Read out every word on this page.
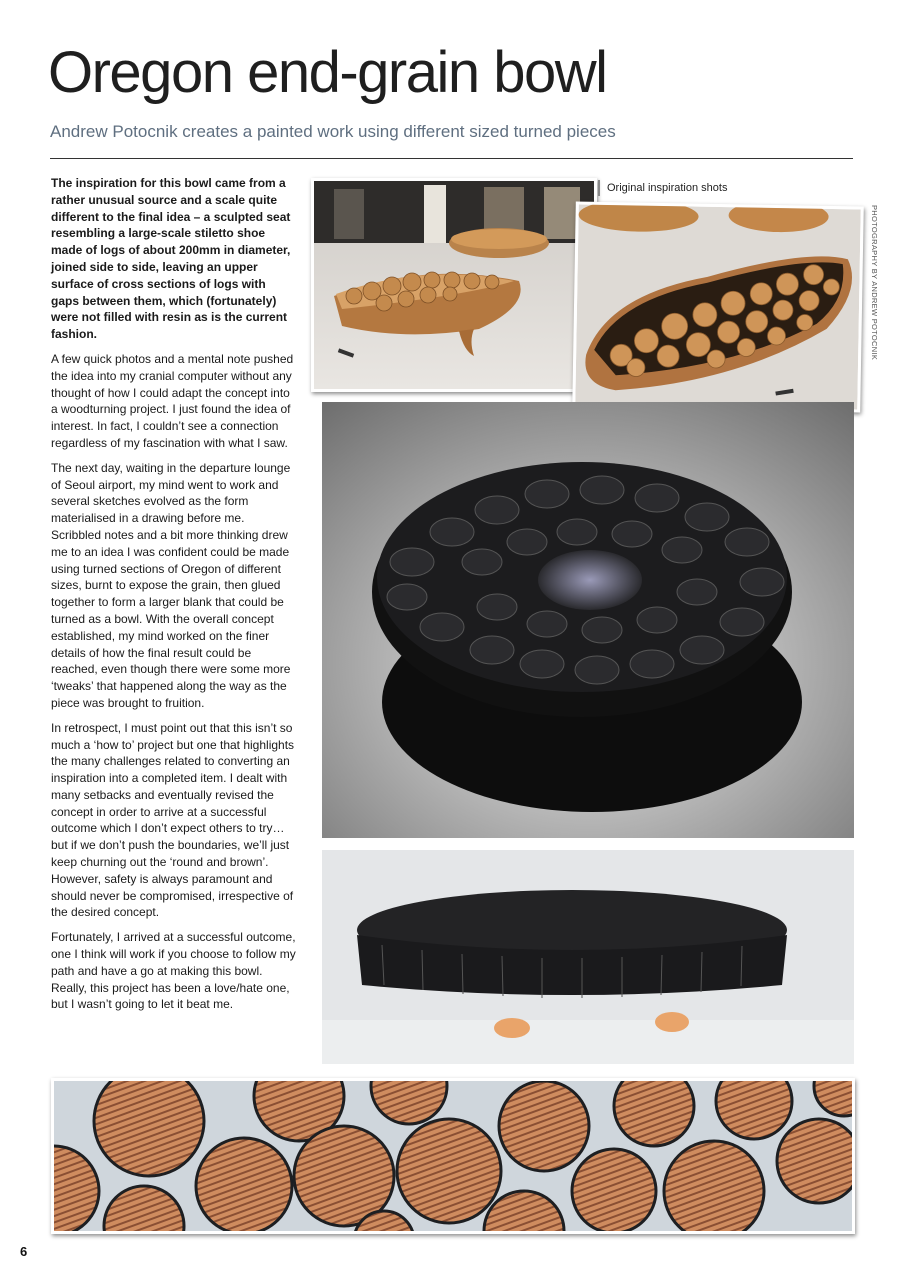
Oregon end-grain bowl
Andrew Potocnik creates a painted work using different sized turned pieces

The inspiration for this bowl came from a rather unusual source and a scale quite different to the final idea – a sculpted seat resembling a large-scale stiletto shoe made of logs of about 200mm in diameter, joined side to side, leaving an upper surface of cross sections of logs with gaps between them, which (fortunately) were not filled with resin as is the current fashion.

A few quick photos and a mental note pushed the idea into my cranial computer without any thought of how I could adapt the concept into a woodturning project. I just found the idea of interest. In fact, I couldn’t see a connection regardless of my fascination with what I saw.

The next day, waiting in the departure lounge of Seoul airport, my mind went to work and several sketches evolved as the form materialised in a drawing before me. Scribbled notes and a bit more thinking drew me to an idea I was confident could be made using turned sections of Oregon of different sizes, burnt to expose the grain, then glued together to form a larger blank that could be turned as a bowl. With the overall concept established, my mind worked on the finer details of how the final result could be reached, even though there were some more ‘tweaks’ that happened along the way as the piece was brought to fruition.

In retrospect, I must point out that this isn’t so much a ‘how to’ project but one that highlights the many challenges related to converting an inspiration into a completed item. I dealt with many setbacks and eventually revised the concept in order to arrive at a successful outcome which I don’t expect others to try… but if we don’t push the boundaries, we’ll just keep churning out the ‘round and brown’. However, safety is always paramount and should never be compromised, irrespective of the desired concept.

Fortunately, I arrived at a successful outcome, one I think will work if you choose to follow my path and have a go at making this bowl. Really, this project has been a love/hate one, but I wasn’t going to let it beat me.

Original inspiration shots
PHOTOGRAPHY BY ANDREW POTOCNIK
6
